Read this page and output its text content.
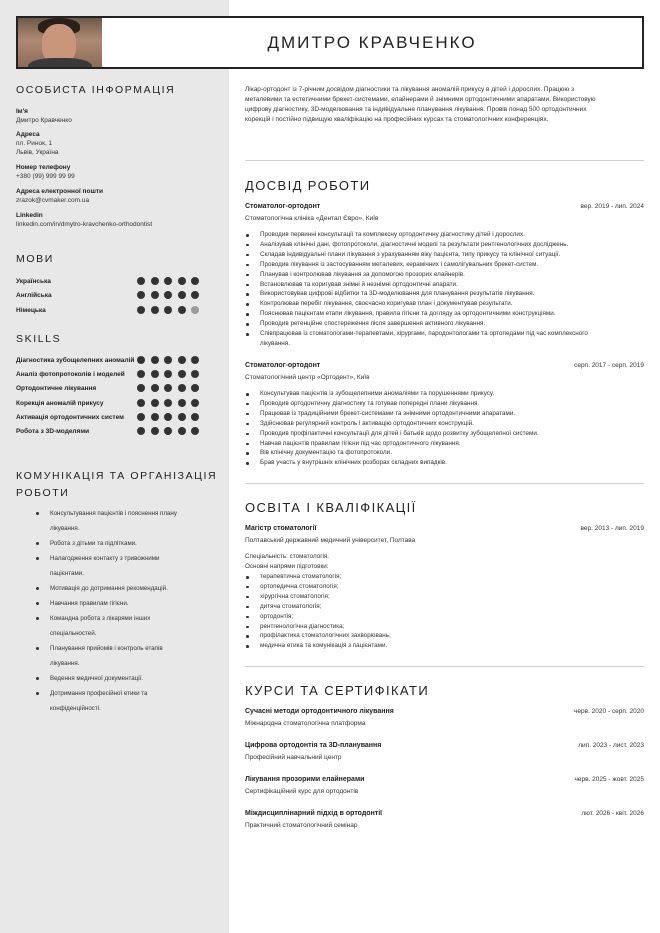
ДМИТРО КРАВЧЕНКО
ОСОБИСТА ІНФОРМАЦІЯ
Ім'я
Дмитро Кравченко
Адреса
пл. Ринок, 1
Львів, Україна
Номер телефону
+380 (99) 999 99 99
Адреса електронної пошти
zrazok@cvmaker.com.ua
Linkedin
linkedin.com/in/dmytro-kravchenko-orthodontist
МОВИ
Українська
Англійська
Німецька
SKILLS
Діагностика зубощелепних аномалій
Аналіз фотопротоколів і моделей
Ортодонтичне лікування
Корекція аномалій прикусу
Активація ортодонтичних систем
Робота з 3D-моделями
КОМУНІКАЦІЯ ТА ОРГАНІЗАЦІЯ
РОБОТИ
Консультування пацієнтів і пояснення плану
лікування.
Робота з дітьми та підлітками.
Налагодження контакту з тривожними
пацієнтами.
Мотивація до дотримання рекомендацій.
Навчання правилам гігієни.
Командна робота з лікарями інших
спеціальностей.
Планування прийомів і контроль етапів
лікування.
Ведення медичної документації.
Дотримання професійної етики та
конфіденційності.
Лікар-ортодонт із 7-річним досвідом діагностики та лікування аномалій прикусу в дітей і дорослих. Працюю з
металевими та естетичними брекет-системами, елайнерами й знімними ортодонтичними апаратами. Використовую
цифрову діагностику, 3D-моделювання та індивідуальне планування лікування. Провів понад 500 ортодонтичних
корекцій і постійно підвищую кваліфікацію на професійних курсах та стоматологічних конференціях.
ДОСВІД РОБОТИ
Стоматолог-ортодонт	вер. 2019 - лип. 2024
Стоматологічна клініка «Дентал Євро», Київ
Проводив первинні консультації та комплексну ортодонтичну діагностику дітей і дорослих.
Аналізував клінічні дані, фотопротоколи, діагностичні моделі та результати рентгенологічних досліджень.
Складав індивідуальні плани лікування з урахуванням віку пацієнта, типу прикусу та клінічної ситуації.
Проводив лікування із застосуванням металевих, керамічних і самолігувальних брекет-систем.
Планував і контролював лікування за допомогою прозорих елайнерів.
Встановлював та коригував знімні й незнімні ортодонтичні апарати.
Використовував цифрові відбитки та 3D-моделювання для планування результатів лікування.
Контролював перебіг лікування, своєчасно коригував план і документував результати.
Пояснював пацієнтам етапи лікування, правила гігієни та догляду за ортодонтичними конструкціями.
Проводив ретенційне спостереження після завершення активного лікування.
Співпрацював із стоматологами-терапевтами, хірургами, пародонтологами та ортопедами під час комплексного
лікування.
Стоматолог-ортодонт	серп. 2017 - серп. 2019
Стоматологічний центр «Ортодент», Київ
Консультував пацієнтів із зубощелепними аномаліями та порушеннями прикусу.
Проводив ортодонтичну діагностику та готував попередні плани лікування.
Працював із традиційними брекет-системами та знімними ортодонтичними апаратами.
Здійснював регулярний контроль і активацію ортодонтичних конструкцій.
Проводив профілактичні консультації для дітей і батьків щодо розвитку зубощелепної системи.
Навчав пацієнтів правилам гігієни під час ортодонтичного лікування.
Вів клінічну документацію та фотопротоколи.
Брав участь у внутрішніх клінічних розборах складних випадків.
ОСВІТА І КВАЛІФІКАЦІЇ
Магістр стоматології	вер. 2013 - лип. 2019
Полтавський державний медичний університет, Полтава
Спеціальність: стоматологія.
Основні напрями підготовки:
терапевтична стоматологія;
ортопедична стоматологія;
хірургічна стоматологія;
дитяча стоматологія;
ортодонтія;
рентгенологічна діагностика;
профілактика стоматологічних захворювань;
медична етика та комунікація з пацієнтами.
КУРСИ ТА СЕРТИФІКАТИ
Сучасні методи ортодонтичного лікування	черв. 2020 - серп. 2020
Міжнародна стоматологічна платформа
Цифрова ортодонтія та 3D-планування	лип. 2023 - лист. 2023
Професійний навчальний центр
Лікування прозорими елайнерами	черв. 2025 - жовт. 2025
Сертифікаційний курс для ортодонтів
Міждисциплінарний підхід в ортодонтії	лют. 2026 - квіт. 2026
Практичний стоматологічний семінар
